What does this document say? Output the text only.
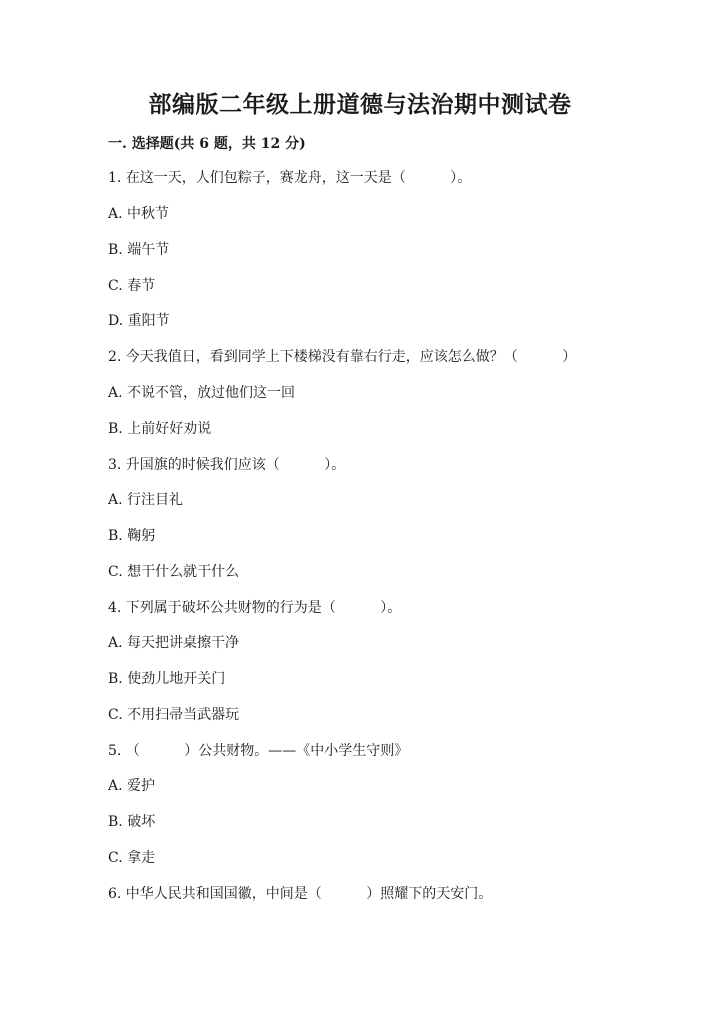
部编版二年级上册道德与法治期中测试卷
一. 选择题(共 6 题，共 12 分)
1. 在这一天，人们包粽子，赛龙舟，这一天是（          ）。
A. 中秋节
B. 端午节
C. 春节
D. 重阳节
2. 今天我值日，看到同学上下楼梯没有靠右行走，应该怎么做？（          ）
A. 不说不管，放过他们这一回
B. 上前好好劝说
3. 升国旗的时候我们应该（          ）。
A. 行注目礼
B. 鞠躬
C. 想干什么就干什么
4. 下列属于破坏公共财物的行为是（          ）。
A. 每天把讲桌擦干净
B. 使劲儿地开关门
C. 不用扫帚当武器玩
5. （          ）公共财物。——《中小学生守则》
A. 爱护
B. 破坏
C. 拿走
6. 中华人民共和国国徽，中间是（          ）照耀下的天安门。
